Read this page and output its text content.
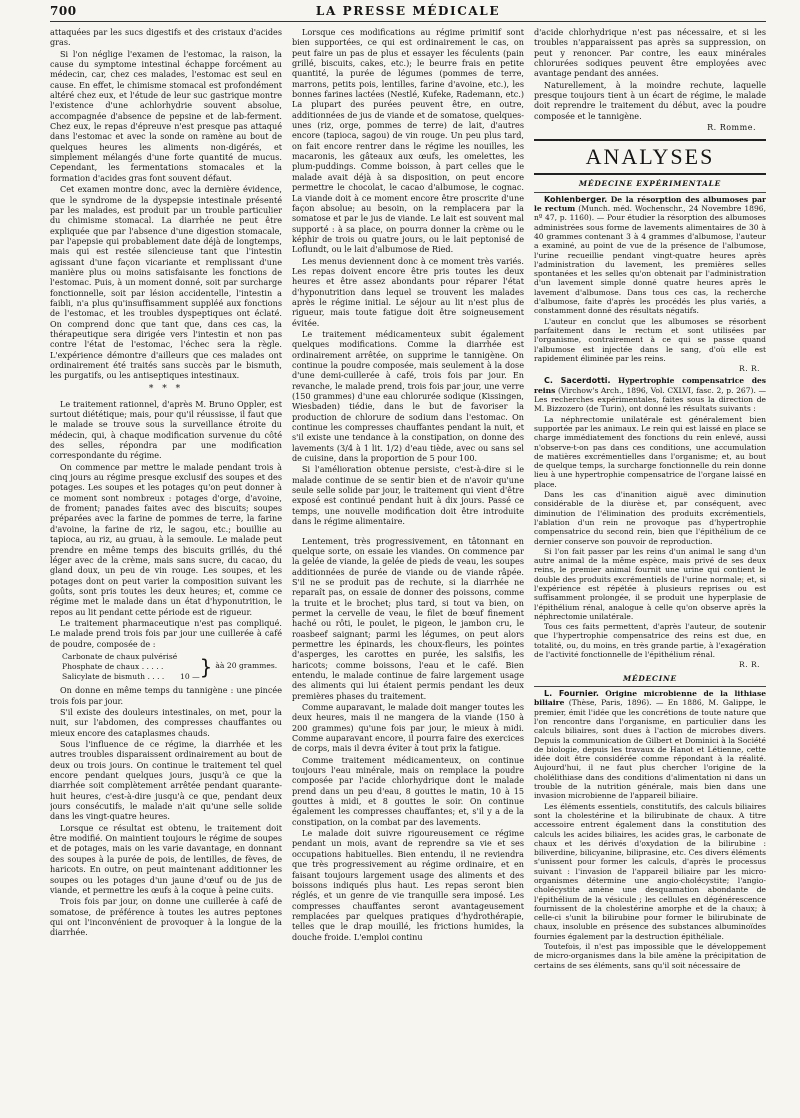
700	LA PRESSE MÉDICALE

attaquées par les sucs digestifs et des cristaux d'acides gras.

Si l'on néglige l'examen de l'estomac, la raison, la cause du symptome intestinal échappe forcément au médecin, car, chez ces malades, l'estomac est seul en cause. En effet, le chimisme stomacal est profondément altéré chez eux, et l'étude de leur suc gastrique montre l'existence d'une achlorhydrie souvent absolue, accompagnée d'absence de pepsine et de lab-ferment. Chez eux, le repas d'épreuve n'est presque pas attaqué dans l'estomac et avec la sonde on ramène au bout de quelques heures les aliments non-digérés, et simplement mélangés d'une forte quantité de mucus. Cependant, les fermentations stomacales et la formation d'acides gras font souvent défaut.

Cet examen montre donc, avec la dernière évidence, que le syndrome de la dyspepsie intestinale présenté par les malades, est produit par un trouble particulier du chimisme stomacal. La diarrhée ne peut être expliquée que par l'absence d'une digestion stomacale, par l'apepsie qui probablement date déjà de longtemps, mais qui est restée silencieuse tant que l'intestin agissant d'une façon vicariante et remplissant d'une manière plus ou moins satisfaisante les fonctions de l'estomac. Puis, à un moment donné, soit par surcharge fonctionnelle, soit par lésion accidentelle, l'intestin a faibli, n'a plus qu'insuffisamment suppléé aux fonctions de l'estomac, et les troubles dyspeptiques ont éclaté. On comprend donc que tant que, dans ces cas, la thérapeutique sera dirigée vers l'intestin et non pas contre l'état de l'estomac, l'échec sera la règle. L'expérience démontre d'ailleurs que ces malades ont ordinairement été traités sans succès par le bismuth, les purgatifs, ou les antiseptiques intestinaux.

* * *

Le traitement rationnel, d'après M. Bruno Oppler, est surtout diététique; mais, pour qu'il réussisse, il faut que le malade se trouve sous la surveillance étroite du médecin, qui, à chaque modification survenue du côté des selles, répondra par une modification correspondante du régime.

On commence par mettre le malade pendant trois à cinq jours au régime presque exclusif des soupes et des potages. Les soupes et les potages qu'on peut donner à ce moment sont nombreux : potages d'orge, d'avoine, de froment; panades faites avec des biscuits; soupes préparées avec la farine de pommes de terre, la farine d'avoine, la farine de riz, le sagou, etc.; bouillie au tapioca, au riz, au gruau, à la semoule. Le malade peut prendre en même temps des biscuits grillés, du thé léger avec de la crème, mais sans sucre, du cacao, du gland doux, un peu de vin rouge. Les soupes, et les potages dont on peut varier la composition suivant les goûts, sont pris toutes les deux heures; et, comme ce régime met le malade dans un état d'hyponutrition, le repos au lit pendant cette période est de rigueur.

Le traitement pharmaceutique n'est pas compliqué. Le malade prend trois fois par jour une cuillerée à café de poudre, composée de :

Carbonate de chaux pulvérisé
Phosphate de chaux . . . . .
Salicylate de bismuth . . . .	10 — } àà 20 grammes.

On donne en même temps du tannigène : une pincée trois fois par jour.

S'il existe des douleurs intestinales, on met, pour la nuit, sur l'abdomen, des compresses chauffantes ou mieux encore des cataplasmes chauds.

Sous l'influence de ce régime, la diarrhée et les autres troubles disparaissent ordinairement au bout de deux ou trois jours. On continue le traitement tel quel encore pendant quelques jours, jusqu'à ce que la diarrhée soit complètement arrêtée pendant quarante-huit heures, c'est-à-dire jusqu'à ce que, pendant deux jours consécutifs, le malade n'ait qu'une selle solide dans les vingt-quatre heures.

Lorsque ce résultat est obtenu, le traitement doit être modifié. On maintient toujours le régime de soupes et de potages, mais on les varie davantage, en donnant des soupes à la purée de pois, de lentilles, de fèves, de haricots. En outre, on peut maintenant additionner les soupes ou les potages d'un jaune d'œuf ou de jus de viande, et permettre les œufs à la coque à peine cuits.

Trois fois par jour, on donne une cuillerée à café de somatose, de préférence à toutes les autres peptones qui ont l'inconvénient de provoquer à la longue de la diarrhée.

Lorsque ces modifications au régime primitif sont bien supportées, ce qui est ordinairement le cas, on peut faire un pas de plus et essayer les féculents (pain grillé, biscuits, cakes, etc.); le beurre frais en petite quantité, la purée de légumes (pommes de terre, marrons, petits pois, lentilles, farine d'avoine, etc.), les bonnes farines lactées (Nestlé, Kufeke, Rademann, etc.) La plupart des purées peuvent être, en outre, additionnées de jus de viande et de somatose, quelques-unes (riz, orge, pommes de terre) de lait, d'autres encore (tapioca, sagou) de vin rouge. Un peu plus tard, on fait encore rentrer dans le régime les nouilles, les macaronis, les gâteaux aux œufs, les omelettes, les plum-puddings. Comme boisson, à part celles que le malade avait déjà à sa disposition, on peut encore permettre le chocolat, le cacao d'albumose, le cognac. La viande doit à ce moment encore être proscrite d'une façon absolue; au besoin, on la remplacera par la somatose et par le jus de viande. Le lait est souvent mal supporté : à sa place, on pourra donner la crème ou le képhir de trois ou quatre jours, ou le lait peptonisé de Loflundt, ou le lait d'albumose de Ried.

Les menus deviennent donc à ce moment très variés. Les repas doivent encore être pris toutes les deux heures et être assez abondants pour réparer l'état d'hyponutrition dans lequel se trouvent les malades après le régime initial. Le séjour au lit n'est plus de rigueur, mais toute fatigue doit être soigneusement évitée.

Le traitement médicamenteux subit également quelques modifications. Comme la diarrhée est ordinairement arrêtée, on supprime le tannigène. On continue la poudre composée, mais seulement à la dose d'une demi-cuillerée à café, trois fois par jour. En revanche, le malade prend, trois fois par jour, une verre (150 grammes) d'une eau chlorurée sodique (Kissingen, Wiesbaden) tiédie, dans le but de favoriser la production de chlorure de sodium dans l'estomac. On continue les compresses chauffantes pendant la nuit, et s'il existe une tendance à la constipation, on donne des lavements (3/4 à 1 lit. 1/2) d'eau tiède, avec ou sans sel de cuisine, dans la proportion de 5 pour 100.

Si l'amélioration obtenue persiste, c'est-à-dire si le malade continue de se sentir bien et de n'avoir qu'une seule selle solide par jour, le traitement qui vient d'être exposé est continué pendant huit à dix jours. Passé ce temps, une nouvelle modification doit être introduite dans le régime alimentaire.

Lentement, très progressivement, en tâtonnant en quelque sorte, on essaie les viandes. On commence par la gelée de viande, la gelée de pieds de veau, les soupes additionnées de purée de viande ou de viande râpée. S'il ne se produit pas de rechute, si la diarrhée ne reparaît pas, on essaie de donner des poissons, comme la truite et le brochet; plus tard, si tout va bien, on permet la cervelle de veau, le filet de bœuf finement haché ou rôti, le poulet, le pigeon, le jambon cru, le roasbeef saignant; parmi les légumes, on peut alors permettre les épinards, les choux-fleurs, les pointes d'asperges, les carottes en purée, les salsifis, les haricots; comme boissons, l'eau et le café. Bien entendu, le malade continue de faire largement usage des aliments qui lui étaient permis pendant les deux premières phases du traitement.

Comme auparavant, le malade doit manger toutes les deux heures, mais il ne mangera de la viande (150 à 200 grammes) qu'une fois par jour, le mieux à midi. Comme auparavant encore, il pourra faire des exercices de corps, mais il devra éviter à tout prix la fatigue.

Comme traitement médicamenteux, on continue toujours l'eau minérale, mais on remplace la poudre composée par l'acide chlorhydrique dont le malade prend dans un peu d'eau, 8 gouttes le matin, 10 à 15 gouttes à midi, et 8 gouttes le soir. On continue également les compresses chauffantes; et, s'il y a de la constipation, on la combat par des lavements.

Le malade doit suivre rigoureusement ce régime pendant un mois, avant de reprendre sa vie et ses occupations habituelles. Bien entendu, il ne reviendra que très progressivement au régime ordinaire, et en faisant toujours largement usage des aliments et des boissons indiqués plus haut. Les repas seront bien réglés, et un genre de vie tranquille sera imposé. Les compresses chauffantes seront avantageusement remplacées par quelques pratiques d'hydrothérapie, telles que le drap mouillé, les frictions humides, la douche froide. L'emploi continu

d'acide chlorhydrique n'est pas nécessaire, et si les troubles n'apparaissent pas après sa suppression, on peut y renoncer. Par contre, les eaux minérales chlorurées sodiques peuvent être employées avec avantage pendant des années.

Naturellement, à la moindre rechute, laquelle presque toujours tient à un écart de régime, le malade doit reprendre le traitement du début, avec la poudre composée et le tannigène.

R. Romme.
ANALYSES
MÉDECINE EXPÉRIMENTALE

Kohlenberger. De la résorption des albumoses par le rectum (Munch. méd. Wochenschr., 24 Novembre 1896, nº 47, p. 1160). — Pour étudier la résorption des albumoses administrées sous forme de lavements alimentaires de 30 à 40 grammes contenant 3 à 4 grammes d'albumose, l'auteur a examiné, au point de vue de la présence de l'albumose, l'urine recueillie pendant vingt-quatre heures après l'administration du lavement, les premières selles spontanées et les selles qu'on obtenait par l'administration d'un lavement simple donné quatre heures après le lavement d'albumose. Dans tous ces cas, la recherche d'albumose, faite d'après les procédés les plus variés, a constamment donné des résultats négatifs.

L'auteur en conclut que les albumoses se résorbent parfaitement dans le rectum et sont utilisées par l'organisme, contrairement à ce qui se passe quand l'albumose est injectée dans le sang, d'où elle est rapidement éliminée par les reins.

R. R.

C. Sacerdotti. Hypertrophie compensatrice des reins (Virchow's Arch., 1896, Vol. CXLVI, fasc. 2, p. 267). — Les recherches expérimentales, faites sous la direction de M. Bizzozero (de Turin), ont donné les résultats suivants :

La néphrectomie unilatérale est généralement bien supportée par les animaux. Le rein qui est laissé en place se charge immédiatement des fonctions du rein enlevé, aussi n'observe-t-on pas dans ces conditions, une accumulation de matières excrémentielles dans l'organisme; et, au bout de quelque temps, la surcharge fonctionnelle du rein donne lieu à une hypertrophie compensatrice de l'organe laissé en place.

Dans les cas d'inanition aiguë avec diminution considérable de la diurèse et, par conséquent, avec diminution de l'élimination des produits excrémentiels, l'ablation d'un rein ne provoque pas d'hypertrophie compensatrice du second rein, bien que l'épithélium de ce dernier conserve son pouvoir de reproduction.

Si l'on fait passer par les reins d'un animal le sang d'un autre animal de la même espèce, mais privé de ses deux reins, le premier animal fournit une urine qui contient le double des produits excrémentiels de l'urine normale; et, si l'expérience est répétée à plusieurs reprises ou est suffisamment prolongée, il se produit une hyperplasie de l'épithélium rénal, analogue à celle qu'on observe après la néphrectomie unilatérale.

Tous ces faits permettent, d'après l'auteur, de soutenir que l'hypertrophie compensatrice des reins est due, en totalité, ou, du moins, en très grande partie, à l'exagération de l'activité fonctionnelle de l'épithélium rénal.

R. R.
MÉDECINE

L. Fournier. Origine microbienne de la lithiase biliaire (Thèse, Paris, 1896). — En 1886, M. Galippe, le premier, émit l'idée que les concrétions de toute nature que l'on rencontre dans l'organisme, en particulier dans les calculs biliaires, sont dues à l'action de microbes divers. Depuis la communication de Gilbert et Dominici à la Société de biologie, depuis les travaux de Hanot et Létienne, cette idée doit être considérée comme répondant à la réalité. Aujourd'hui, il ne faut plus chercher l'origine de la cholélithiase dans des conditions d'alimentation ni dans un trouble de la nutrition générale, mais bien dans une invasion microbienne de l'appareil biliaire.

Les éléments essentiels, constitutifs, des calculs biliaires sont la cholestérine et la bilirubinate de chaux. A titre accessoire entrent également dans la constitution des calculs les acides biliaires, les acides gras, le carbonate de chaux et les dérivés d'oxydation de la bilirubine : biliverdine, bilicyanine, biliprasine, etc. Ces divers éléments s'unissent pour former les calculs, d'après le processus suivant : l'invasion de l'appareil biliaire par les micro-organismes détermine une angio-cholécystite; l'angio-cholécystite amène une desquamation abondante de l'épithélium de la vésicule ; les cellules en dégénérescence fournissent de la cholestérine amorphe et de la chaux; à celle-ci s'unit la bilirubine pour former le bilirubinate de chaux, insoluble en présence des substances albuminoïdes fournies également par la destruction épithéliale.

Toutefois, il n'est pas impossible que le développement de micro-organismes dans la bile amène la précipitation de certains de ses éléments, sans qu'il soit nécessaire de
